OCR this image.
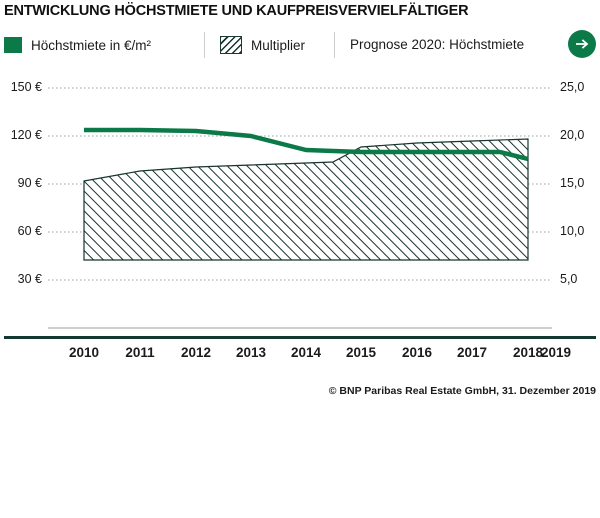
ENTWICKLUNG HÖCHSTMIETE UND KAUFPREISVERVIELFÄLTIGER
Höchstmiete in €/m²	Multiplier	Prognose 2020: Höchstmiete
150 €
120 €
90 €
60 €
30 €
25,0
20,0
15,0
10,0
5,0
2010	2011	2012	2013	2014	2015	2016	2017	2018
2019
© BNP Paribas Real Estate GmbH, 31. Dezember 2019
